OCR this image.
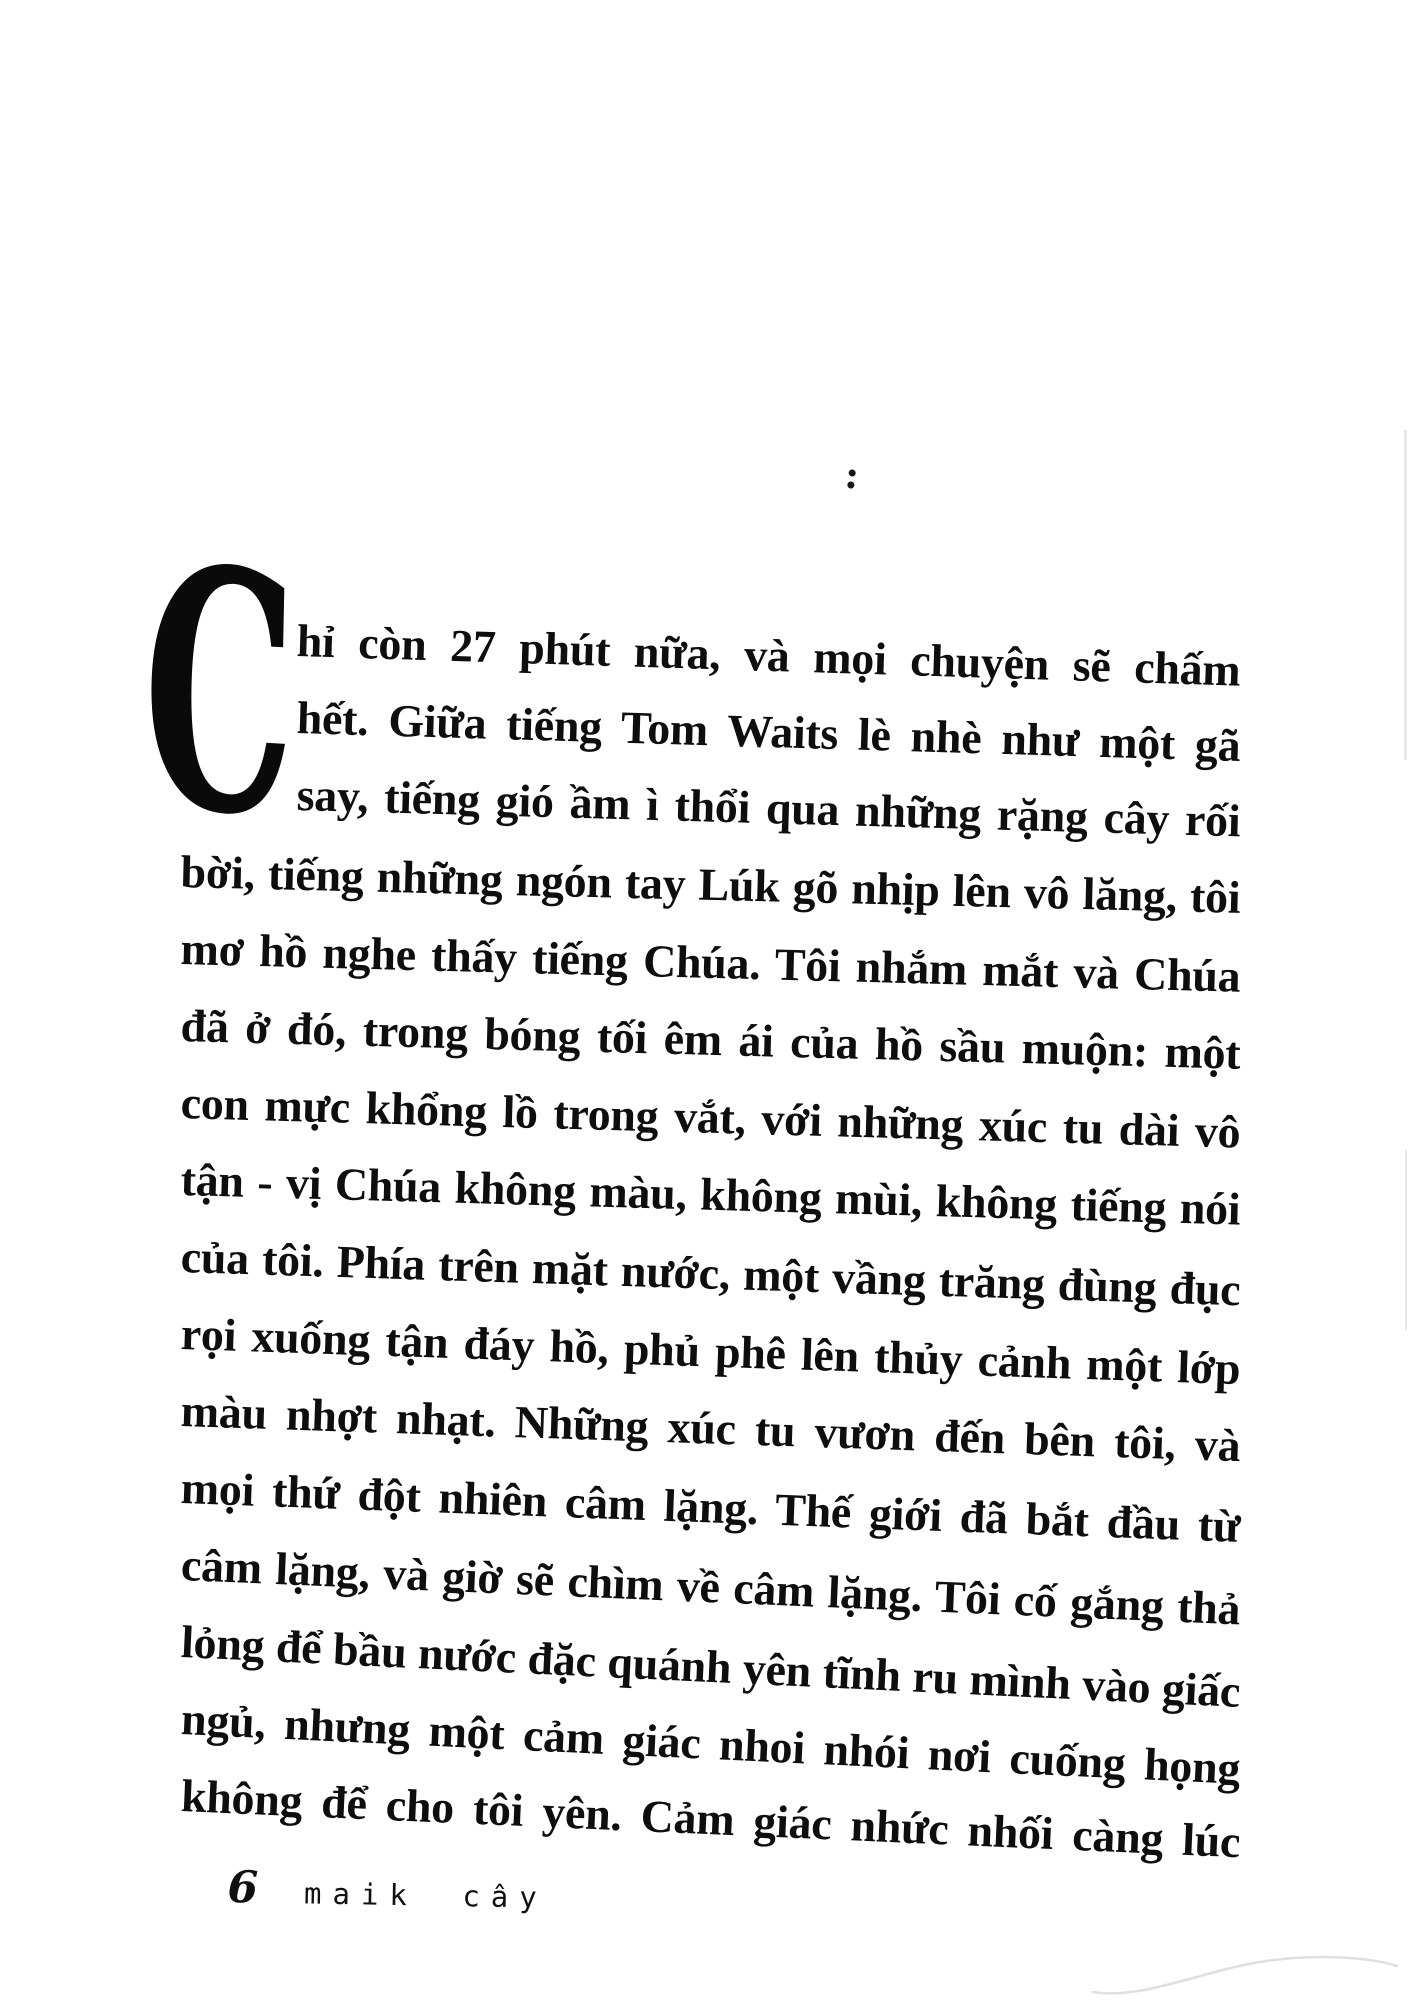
:
C
hỉ còn 27 phút nữa, và mọi chuyện sẽ chấm
hết. Giữa tiếng Tom Waits lè nhè như một gã
say, tiếng gió ầm ì thổi qua những rặng cây rối
bời, tiếng những ngón tay Lúk gõ nhịp lên vô lăng, tôi
mơ hồ nghe thấy tiếng Chúa. Tôi nhắm mắt và Chúa
đã ở đó, trong bóng tối êm ái của hồ sầu muộn: một
con mực khổng lồ trong vắt, với những xúc tu dài vô
tận - vị Chúa không màu, không mùi, không tiếng nói
của tôi. Phía trên mặt nước, một vầng trăng đùng đục
rọi xuống tận đáy hồ, phủ phê lên thủy cảnh một lớp
màu nhợt nhạt. Những xúc tu vươn đến bên tôi, và
mọi thứ đột nhiên câm lặng. Thế giới đã bắt đầu từ
câm lặng, và giờ sẽ chìm về câm lặng. Tôi cố gắng thả
lỏng để bầu nước đặc quánh yên tĩnh ru mình vào giấc
ngủ, nhưng một cảm giác nhoi nhói nơi cuống họng
không để cho tôi yên. Cảm giác nhức nhối càng lúc
6 maik cây
